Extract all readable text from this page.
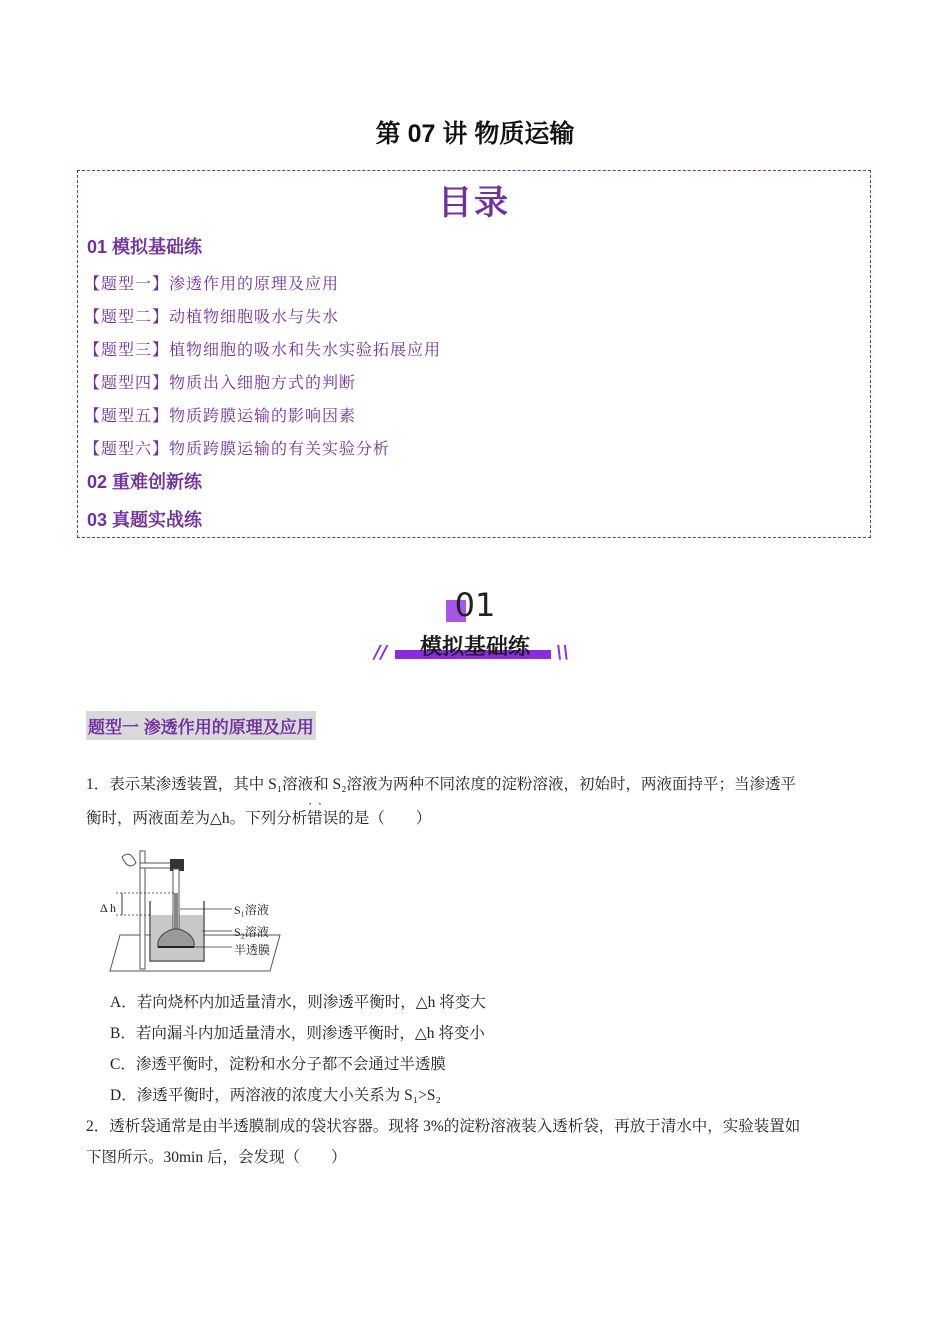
第 07 讲 物质运输
目录
01 模拟基础练
【题型一】渗透作用的原理及应用
【题型二】动植物细胞吸水与失水
【题型三】植物细胞的吸水和失水实验拓展应用
【题型四】物质出入细胞方式的判断
【题型五】物质跨膜运输的影响因素
【题型六】物质跨膜运输的有关实验分析
02 重难创新练
03 真题实战练
01
模拟基础练
//	\\
题型一 渗透作用的原理及应用
1．表示某渗透装置，其中 S₁溶液和 S₂溶液为两种不同浓度的淀粉溶液，初始时，两液面持平；当渗透平
衡时，两液面差为△h。下列分析错误 · ·的是（　　）
Δ h	S₁溶液
S₂溶液
半透膜
A．若向烧杯内加适量清水，则渗透平衡时，△h 将变大
B．若向漏斗内加适量清水，则渗透平衡时，△h 将变小
C．渗透平衡时，淀粉和水分子都不会通过半透膜
D．渗透平衡时，两溶液的浓度大小关系为 S₁>S₂
2．透析袋通常是由半透膜制成的袋状容器。现将 3%的淀粉溶液装入透析袋，再放于清水中，实验装置如
下图所示。30min 后，会发现（　　）
